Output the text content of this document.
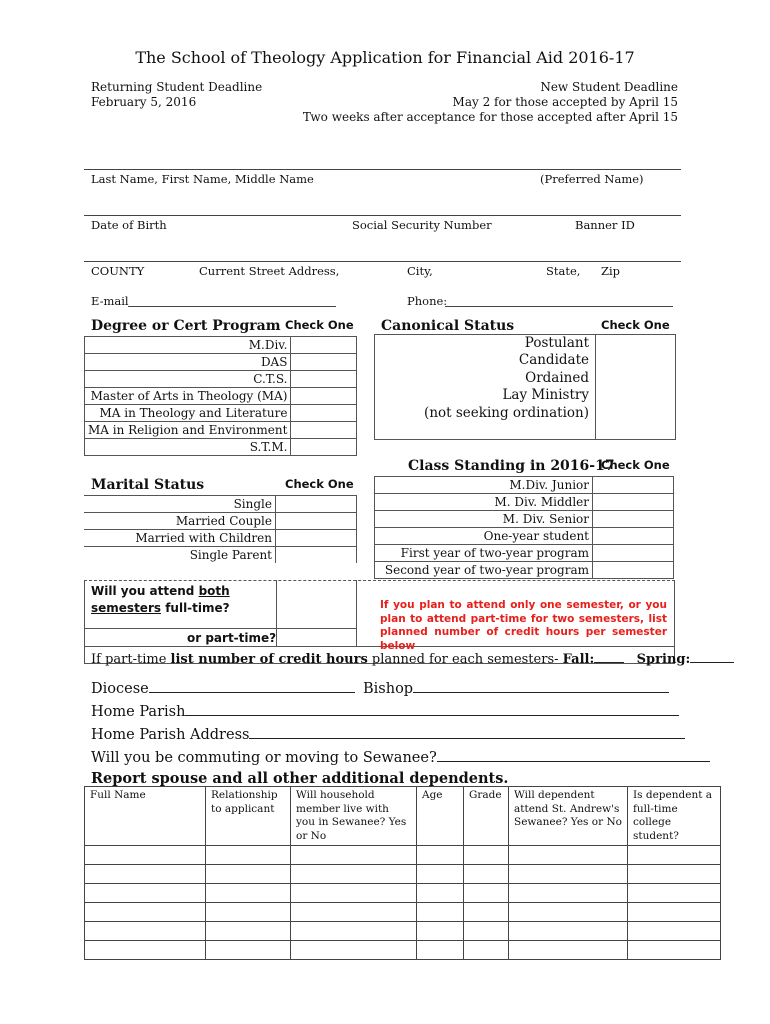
The School of Theology Application for Financial Aid 2016-17
Returning Student Deadline
February 5, 2016
New Student Deadline
May 2 for those accepted by April 15
Two weeks after acceptance for those accepted after April 15
Last Name, First Name, Middle Name	(Preferred Name)
Date of Birth	Social Security Number	Banner ID
COUNTY	Current Street Address,	City,	State, Zip
E-mail	Phone:
Degree or Cert Program Check One
M.Div.	
DAS	
C.T.S.	
Master of Arts in Theology (MA)	
MA in Theology and Literature	
MA in Religion and Environment	
S.T.M.	
Canonical Status	Check One
Postulant
Candidate
Ordained
Lay Ministry
(not seeking ordination)
Marital Status	Check One
Single	
Married Couple	
Married with Children	
Single Parent	
Class Standing in 2016-17
Check One
M.Div. Junior	
M. Div. Middler	
M. Div. Senior	
One-year student	
First year of two-year program	
Second year of two-year program	
Will you attend both
semesters full-time?
or part-time?
If you plan to attend only one semester, or you plan to attend part-time for two semesters, list planned number of credit hours per semester below
If part-time list number of credit hours planned for each semesters- Fall:	Spring:
Diocese	Bishop
Home Parish
Home Parish Address
Will you be commuting or moving to Sewanee?
Report spouse and all other additional dependents.
Full Name	Relationship to applicant	Will household member live with you in Sewanee? Yes or No	Age	Grade	Will dependent attend St. Andrew's Sewanee? Yes or No	Is dependent a full-time college student?
